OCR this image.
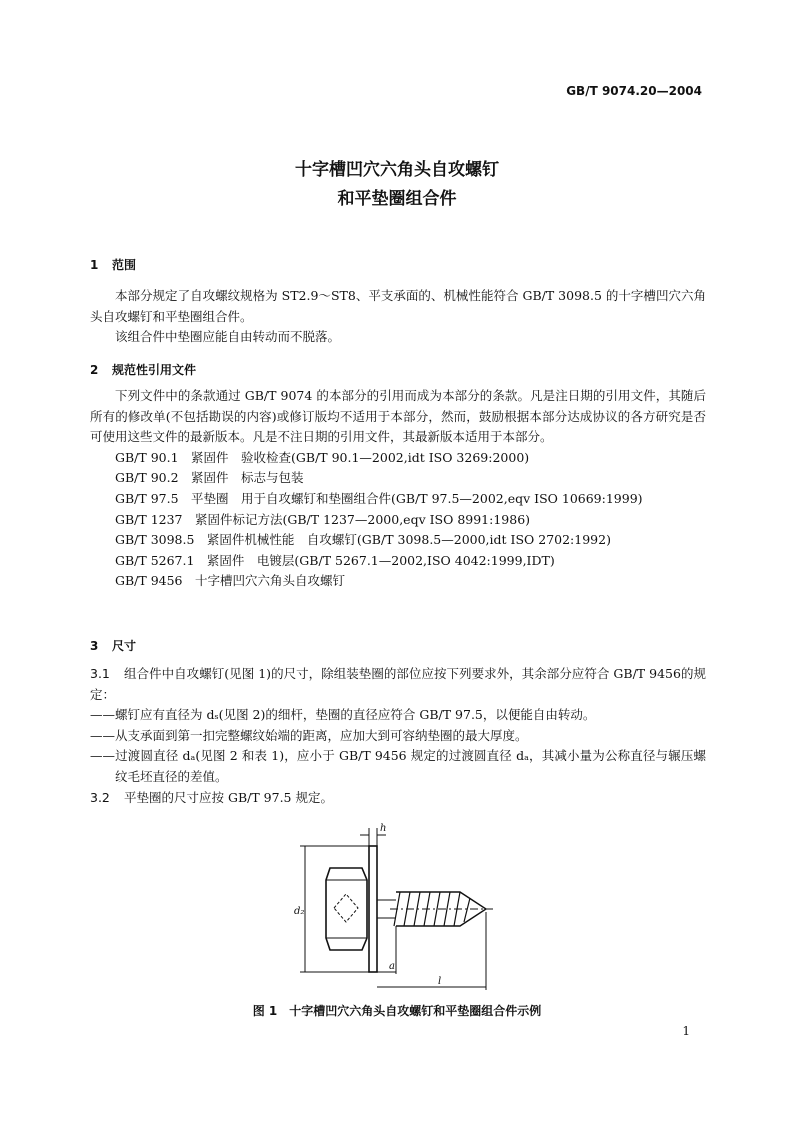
GB/T 9074.20—2004
十字槽凹穴六角头自攻螺钉
和平垫圈组合件
1 范围

本部分规定了自攻螺纹规格为 ST2.9～ST8、平支承面的、机械性能符合 GB/T 3098.5 的十字槽凹穴六角头自攻螺钉和平垫圈组合件。

该组合件中垫圈应能自由转动而不脱落。

2 规范性引用文件

下列文件中的条款通过 GB/T 9074 的本部分的引用而成为本部分的条款。凡是注日期的引用文件，其随后所有的修改单(不包括勘误的内容)或修订版均不适用于本部分，然而，鼓励根据本部分达成协议的各方研究是否可使用这些文件的最新版本。凡是不注日期的引用文件，其最新版本适用于本部分。

GB/T 90.1　紧固件　验收检查(GB/T 90.1—2002,idt ISO 3269:2000)

GB/T 90.2　紧固件　标志与包装

GB/T 97.5　平垫圈　用于自攻螺钉和垫圈组合件(GB/T 97.5—2002,eqv ISO 10669:1999)

GB/T 1237　紧固件标记方法(GB/T 1237—2000,eqv ISO 8991:1986)

GB/T 3098.5　紧固件机械性能　自攻螺钉(GB/T 3098.5—2000,idt ISO 2702:1992)

GB/T 5267.1　紧固件　电镀层(GB/T 5267.1—2002,ISO 4042:1999,IDT)

GB/T 9456　十字槽凹穴六角头自攻螺钉

3 尺寸

3.1 组合件中自攻螺钉(见图 1)的尺寸，除组装垫圈的部位应按下列要求外，其余部分应符合 GB/T 9456的规定：

——螺钉应有直径为 dₛ(见图 2)的细杆，垫圈的直径应符合 GB/T 97.5，以便能自由转动。

——从支承面到第一扣完整螺纹始端的距离，应加大到可容纳垫圈的最大厚度。

——过渡圆直径 dₐ(见图 2 和表 1)，应小于 GB/T 9456 规定的过渡圆直径 dₐ，其减小量为公称直径与辗压螺纹毛坯直径的差值。

3.2 平垫圈的尺寸应按 GB/T 97.5 规定。

h
d₂
a
l
图 1　十字槽凹穴六角头自攻螺钉和平垫圈组合件示例
1
